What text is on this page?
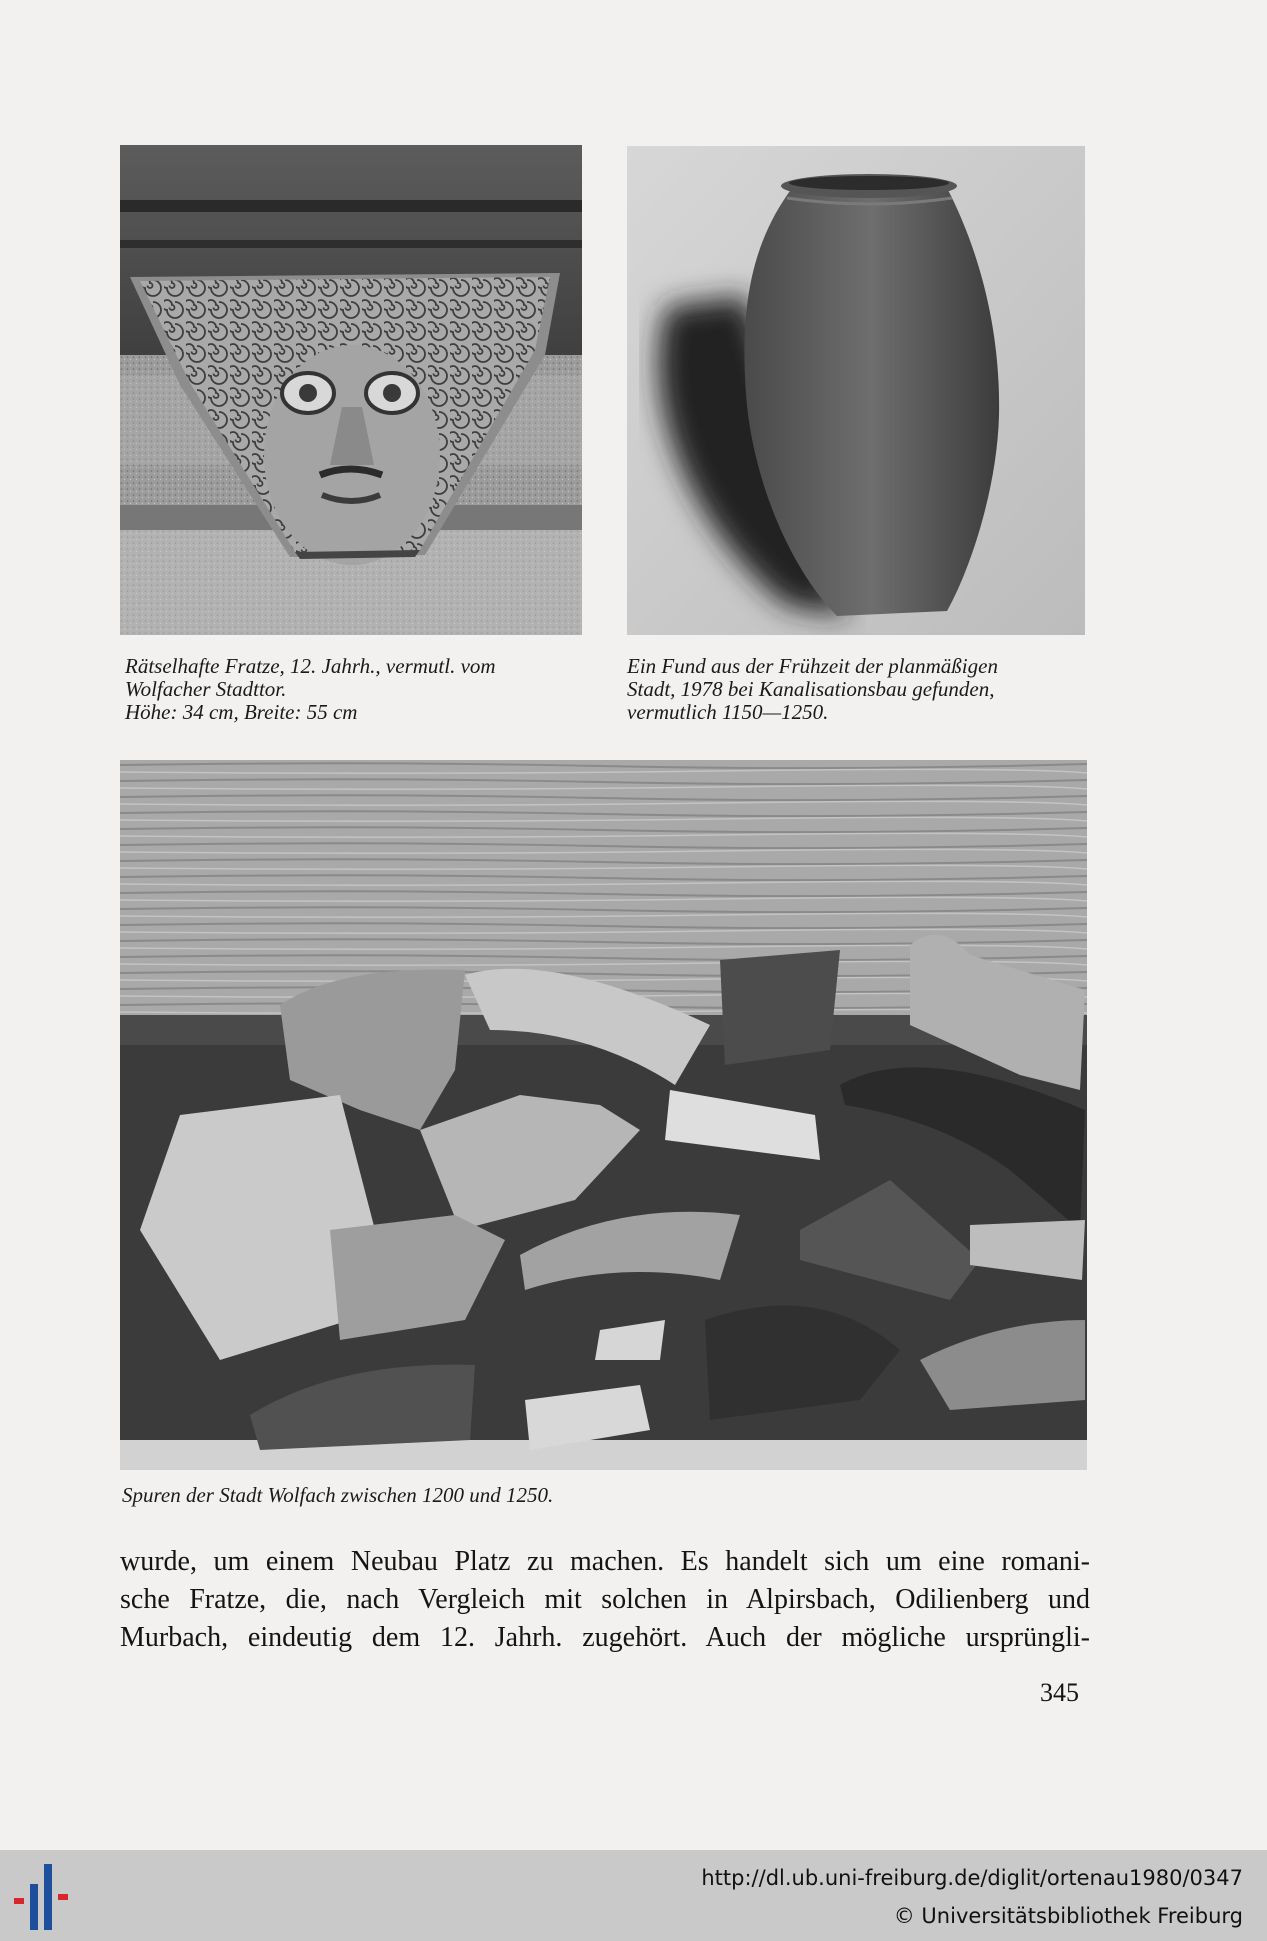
Rätselhafte Fratze, 12. Jahrh., vermutl. vom
Wolfacher Stadttor.
Höhe: 34 cm, Breite: 55 cm
Ein Fund aus der Frühzeit der planmäßigen
Stadt, 1978 bei Kanalisationsbau gefunden,
vermutlich 1150—1250.
Spuren der Stadt Wolfach zwischen 1200 und 1250.
wurde, um einem Neubau Platz zu machen. Es handelt sich um eine romani-
sche Fratze, die, nach Vergleich mit solchen in Alpirsbach, Odilienberg und
Murbach, eindeutig dem 12. Jahrh. zugehört. Auch der mögliche ursprüngli-
345
http://dl.ub.uni-freiburg.de/diglit/ortenau1980/0347
© Universitätsbibliothek Freiburg
